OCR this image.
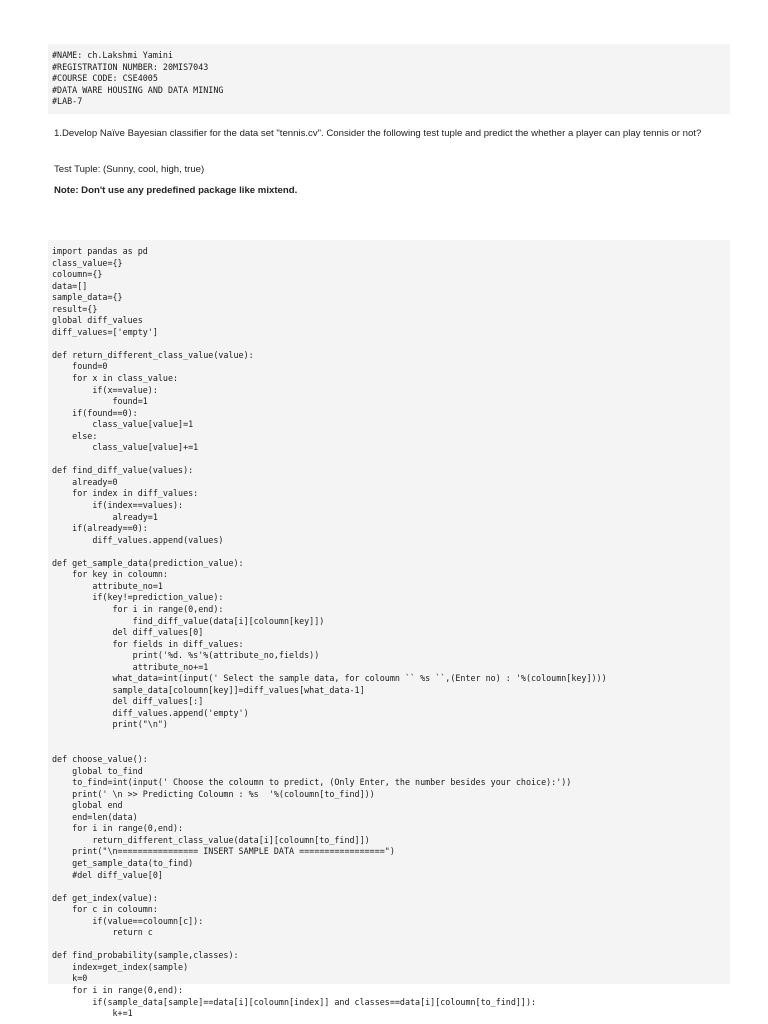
#NAME: ch.Lakshmi Yamini
#REGISTRATION NUMBER: 20MIS7043
#COURSE CODE: CSE4005
#DATA WARE HOUSING AND DATA MINING
#LAB-7
1.Develop Naïve Bayesian classifier for the data set "tennis.cv". Consider the following test tuple and predict the whether a player can play tennis or not?
Test Tuple: (Sunny, cool, high, true)
Note: Don't use any predefined package like mixtend.
import pandas as pd
class_value={}
coloumn={}
data=[]
sample_data={}
result={}
global diff_values
diff_values=['empty']
def return_different_class_value(value):
found=0
for x in class_value:
if(x==value):
found=1
if(found==0):
class_value[value]=1
else:
class_value[value]+=1
def find_diff_value(values):
already=0
for index in diff_values:
if(index==values):
already=1
if(already==0):
diff_values.append(values)
def get_sample_data(prediction_value):
for key in coloumn:
attribute_no=1
if(key!=prediction_value):
for i in range(0,end):
find_diff_value(data[i][coloumn[key]])
del diff_values[0]
for fields in diff_values:
print('%d. %s'%(attribute_no,fields))
attribute_no+=1
what_data=int(input(' Select the sample data, for coloumn `` %s ``,(Enter no) : '%(coloumn[key])))
sample_data[coloumn[key]]=diff_values[what_data-1]
del diff_values[:]
diff_values.append('empty')
print("\n")
def choose_value():
global to_find
to_find=int(input(' Choose the coloumn to predict, (Only Enter, the number besides your choice):'))
print(' \n >> Predicting Coloumn : %s  '%(coloumn[to_find]))
global end
end=len(data)
for i in range(0,end):
return_different_class_value(data[i][coloumn[to_find]])
print("\n================ INSERT SAMPLE DATA =================")
get_sample_data(to_find)
#del diff_value[0]
def get_index(value):
for c in coloumn:
if(value==coloumn[c]):
return c
def find_probability(sample,classes):
index=get_index(sample)
k=0
for i in range(0,end):
if(sample_data[sample]==data[i][coloumn[index]] and classes==data[i][coloumn[to_find]]):
k+=1
